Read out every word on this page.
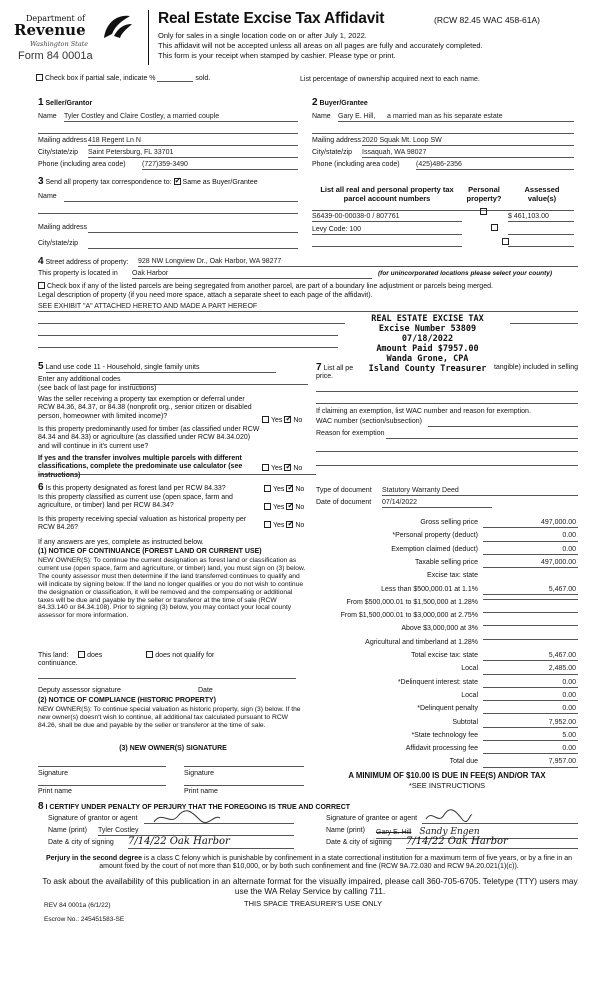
Department of
Revenue
Washington State
Form 84 0001a
Real Estate Excise Tax Affidavit	(RCW 82.45 WAC 458-61A)
Only for sales in a single location code on or after July 1, 2022.
This affidavit will not be accepted unless all areas on all pages are fully and accurately completed.
This form is your receipt when stamped by cashier. Please type or print.
Check box if partial sale, indicate %	sold.	List percentage of ownership acquired next to each name.
1 Seller/Grantor
Name Tyler Costley and Claire Costley, a married couple
Mailing address 418 Regent Ln N
City/state/zip Saint Petersburg, FL 33701
Phone (including area code) (727)359-3490
2 Buyer/Grantee
Name Gary E. Hill, a married man as his separate estate
Mailing address 2020 Squak Mt. Loop SW
City/state/zip Issaquah, WA 98027
Phone (including area code) (425)486-2356
3 Send all property tax correspondence to: ✓ Same as Buyer/Grantee
Name
Mailing address
City/state/zip
List all real and personal property tax parcel account numbers
Personal property?
Assessed value(s)
S6439-00-00038-0 / 807761
	$ 461,103.00
Levy Code: 100

4 Street address of property: 928 NW Longview Dr., Oak Harbor, WA 98277
This property is located in Oak Harbor	(for unincorporated locations please select your county)
Check box if any of the listed parcels are being segregated from another parcel, are part of a boundary line adjustment or parcels being merged.
Legal description of property (if you need more space, attach a separate sheet to each page of the affidavit).
SEE EXHIBIT "A" ATTACHED HERETO AND MADE A PART HEREOF
REAL ESTATE EXCISE TAX
Excise Number 53809
07/18/2022
Amount Paid $7957.00
Wanda Grone, CPA
Island County Treasurer
5 Land use code 11 - Household, single family units
Enter any additional codes
(see back of last page for instructions)
Was the seller receiving a property tax exemption or deferral under RCW 84.36, 84.37, or 84.38 (nonprofit org., senior citizen or disabled person, homeowner with limited income)?
Yes ✓ No
Is this property predominantly used for timber (as classified under RCW 84.34 and 84.33) or agriculture (as classified under RCW 84.34.020) and will continue in it's current use?
If yes and the transfer involves multiple parcels with different classifications, complete the predominate use calculator (see instructions)
Yes ✓ No
7 List all pe	tangible) included in selling
price.
If claiming an exemption, list WAC number and reason for exemption.
WAC number (section/subsection)
Reason for exemption
6 Is this property designated as forest land per RCW 84.33?	Yes ✓ No
Is this property classified as current use (open space, farm and agriculture, or timber) land per RCW 84.34?	Yes ✓ No
Is this property receiving special valuation as historical property per RCW 84.26?	Yes ✓ No
If any answers are yes, complete as instructed below.
(1) NOTICE OF CONTINUANCE (FOREST LAND OR CURRENT USE)
NEW OWNER(S): To continue the current designation as forest land or classification as current use (open space, farm and agriculture, or timber) land, you must sign on (3) below. The county assessor must then determine if the land transferred continues to qualify and will indicate by signing below. If the land no longer qualifies or you do not wish to continue the designation or classification, it will be removed and the compensating or additional taxes will be due and payable by the seller or transferor at the time of sale (RCW 84.33.140 or 84.34.108). Prior to signing (3) below, you may contact your local county assessor for more information.
This land:	does	does not qualify for
continuance.
Deputy assessor signature	Date
(2) NOTICE OF COMPLIANCE (HISTORIC PROPERTY)
NEW OWNER(S): To continue special valuation as historic property, sign (3) below. If the new owner(s) doesn't wish to continue, all additional tax calculated pursuant to RCW 84.26, shall be due and payable by the seller or transferor at the time of sale.
(3) NEW OWNER(S) SIGNATURE
Signature	Signature
Print name	Print name
Type of document Statutory Warranty Deed
Date of document 07/14/2022
Gross selling price	497,000.00
*Personal property (deduct)	0.00
Exemption claimed (deduct)	0.00
Taxable selling price	497,000.00
Excise tax: state
Less than $500,000.01 at 1.1%	5,467.00
From $500,000.01 to $1,500,000 at 1.28%
From $1,500,000.01 to $3,000,000 at 2.75%
Above $3,000,000 at 3%
Agricultural and timberland at 1.28%
Total excise tax: state	5,467.00
Local	2,485.00
*Delinquent interest: state	0.00
Local	0.00
*Delinquent penalty	0.00
Subtotal	7,952.00
*State technology fee	5.00
Affidavit processing fee	0.00
Total due	7,957.00
A MINIMUM OF $10.00 IS DUE IN FEE(S) AND/OR TAX
*SEE INSTRUCTIONS
8 I CERTIFY UNDER PENALTY OF PERJURY THAT THE FOREGOING IS TRUE AND CORRECT
Signature of grantor or agent
Name (print) Tyler Costley
Date & city of signing 7/14/22 Oak Harbor
Signature of grantee or agent
Name (print) Gary E. Hill Sandy Engen
Date & city of signing 7/14/22 Oak Harbor
Perjury in the second degree is a class C felony which is punishable by confinement in a state correctional institution for a maximum term of five years, or by a fine in an amount fixed by the court of not more than $10,000, or by both such confinement and fine (RCW 9A.72.030 and RCW 9A.20.021(1)(c)).
To ask about the availability of this publication in an alternate format for the visually impaired, please call 360-705-6705. Teletype (TTY) users may use the WA Relay Service by calling 711.
REV 84 0001a (6/1/22)	THIS SPACE TREASURER'S USE ONLY
Escrow No.: 245451583-SE
